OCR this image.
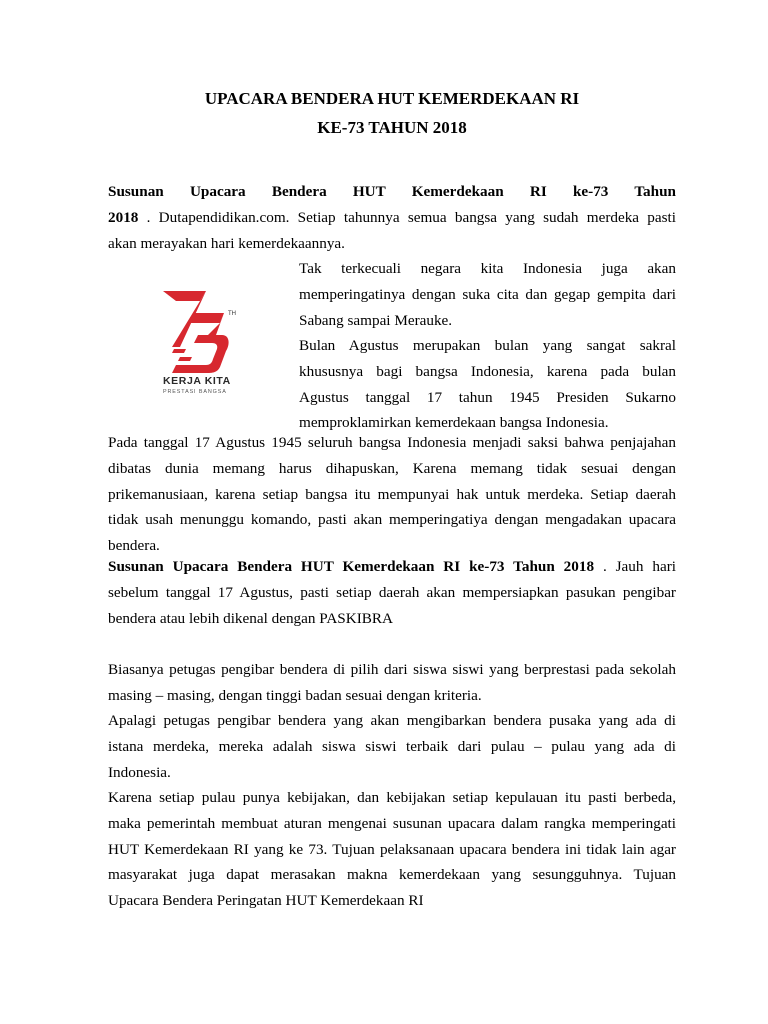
UPACARA BENDERA HUT KEMERDEKAAN RI
KE-73 TAHUN 2018
Susunan Upacara Bendera HUT Kemerdekaan RI ke-73 Tahun
2018 . Dutapendidikan.com. Setiap tahunnya semua bangsa yang sudah merdeka pasti
akan merayakan hari kemerdekaannya.
TH
KERJA KITA
PRESTASI BANGSA
Tak terkecuali negara kita Indonesia juga akan
memperingatinya dengan suka cita dan gegap gempita dari
Sabang sampai Merauke.
Bulan Agustus merupakan bulan yang sangat sakral
khususnya bagi bangsa Indonesia, karena pada bulan
Agustus tanggal 17 tahun 1945 Presiden Sukarno
memproklamirkan kemerdekaan bangsa Indonesia.
Pada tanggal 17 Agustus 1945 seluruh bangsa Indonesia menjadi saksi bahwa penjajahan
dibatas dunia memang harus dihapuskan, Karena memang tidak sesuai dengan
prikemanusiaan, karena setiap bangsa itu mempunyai hak untuk merdeka. Setiap daerah
tidak usah menunggu komando, pasti akan memperingatiya dengan mengadakan upacara
bendera.
Susunan Upacara Bendera HUT Kemerdekaan RI ke-73 Tahun 2018 . Jauh hari
sebelum tanggal 17 Agustus, pasti setiap daerah akan mempersiapkan pasukan pengibar
bendera atau lebih dikenal dengan PASKIBRA
Biasanya petugas pengibar bendera di pilih dari siswa siswi yang berprestasi pada sekolah
masing – masing, dengan tinggi badan sesuai dengan kriteria.
Apalagi petugas pengibar bendera yang akan mengibarkan bendera pusaka yang ada di
istana merdeka, mereka adalah siswa siswi terbaik dari pulau – pulau yang ada di
Indonesia.
Karena setiap pulau punya kebijakan, dan kebijakan setiap kepulauan itu pasti berbeda,
maka pemerintah membuat aturan mengenai susunan upacara dalam rangka memperingati
HUT Kemerdekaan RI yang ke 73. Tujuan pelaksanaan upacara bendera ini tidak lain agar
masyarakat juga dapat merasakan makna kemerdekaan yang sesungguhnya. Tujuan
Upacara Bendera Peringatan HUT Kemerdekaan RI
